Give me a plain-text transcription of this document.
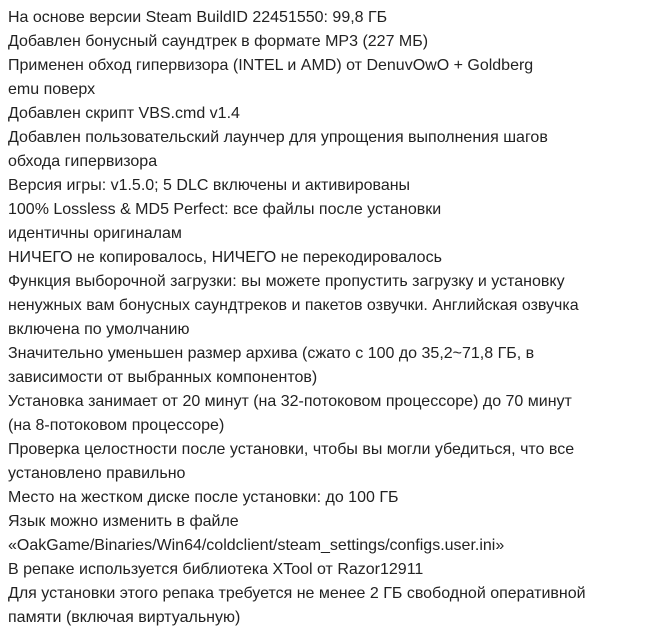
На основе версии Steam BuildID 22451550: 99,8 ГБ
Добавлен бонусный саундтрек в формате MP3 (227 МБ)
Применен обход гипервизора (INTEL и AMD) от DenuvOwO + Goldberg
emu поверх
Добавлен скрипт VBS.cmd v1.4
Добавлен пользовательский лаунчер для упрощения выполнения шагов
обхода гипервизора
Версия игры: v1.5.0; 5 DLC включены и активированы
100% Lossless & MD5 Perfect: все файлы после установки
идентичны оригиналам
НИЧЕГО не копировалось, НИЧЕГО не перекодировалось
Функция выборочной загрузки: вы можете пропустить загрузку и установку
ненужных вам бонусных саундтреков и пакетов озвучки. Английская озвучка
включена по умолчанию
Значительно уменьшен размер архива (сжато с 100 до 35,2~71,8 ГБ, в
зависимости от выбранных компонентов)
Установка занимает от 20 минут (на 32-потоковом процессоре) до 70 минут
(на 8-потоковом процессоре)
Проверка целостности после установки, чтобы вы могли убедиться, что все
установлено правильно
Место на жестком диске после установки: до 100 ГБ
Язык можно изменить в файле
«OakGame/Binaries/Win64/coldclient/steam_settings/configs.user.ini»
В репаке используется библиотека XTool от Razor12911
Для установки этого репака требуется не менее 2 ГБ свободной оперативной
памяти (включая виртуальную)
